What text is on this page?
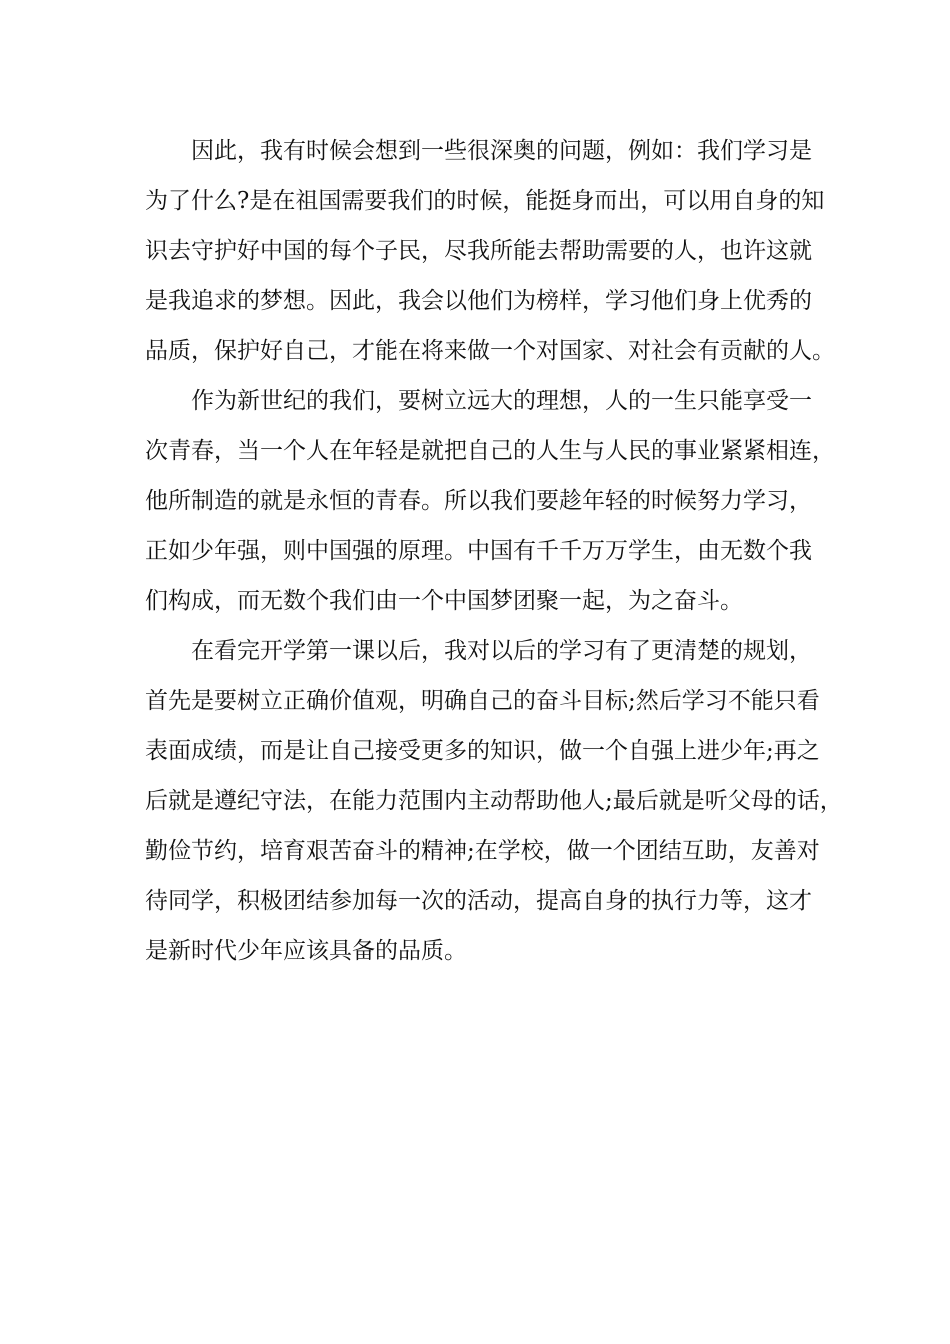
因此，我有时候会想到一些很深奥的问题，例如：我们学习是
为了什么?是在祖国需要我们的时候，能挺身而出，可以用自身的知
识去守护好中国的每个子民，尽我所能去帮助需要的人，也许这就
是我追求的梦想。因此，我会以他们为榜样，学习他们身上优秀的
品质，保护好自己，才能在将来做一个对国家、对社会有贡献的人。
作为新世纪的我们，要树立远大的理想，人的一生只能享受一
次青春，当一个人在年轻是就把自己的人生与人民的事业紧紧相连，
他所制造的就是永恒的青春。所以我们要趁年轻的时候努力学习，
正如少年强，则中国强的原理。中国有千千万万学生，由无数个我
们构成，而无数个我们由一个中国梦团聚一起，为之奋斗。
在看完开学第一课以后，我对以后的学习有了更清楚的规划，
首先是要树立正确价值观，明确自己的奋斗目标;然后学习不能只看
表面成绩，而是让自己接受更多的知识，做一个自强上进少年;再之
后就是遵纪守法，在能力范围内主动帮助他人;最后就是听父母的话，
勤俭节约，培育艰苦奋斗的精神;在学校，做一个团结互助，友善对
待同学，积极团结参加每一次的活动，提高自身的执行力等，这才
是新时代少年应该具备的品质。
